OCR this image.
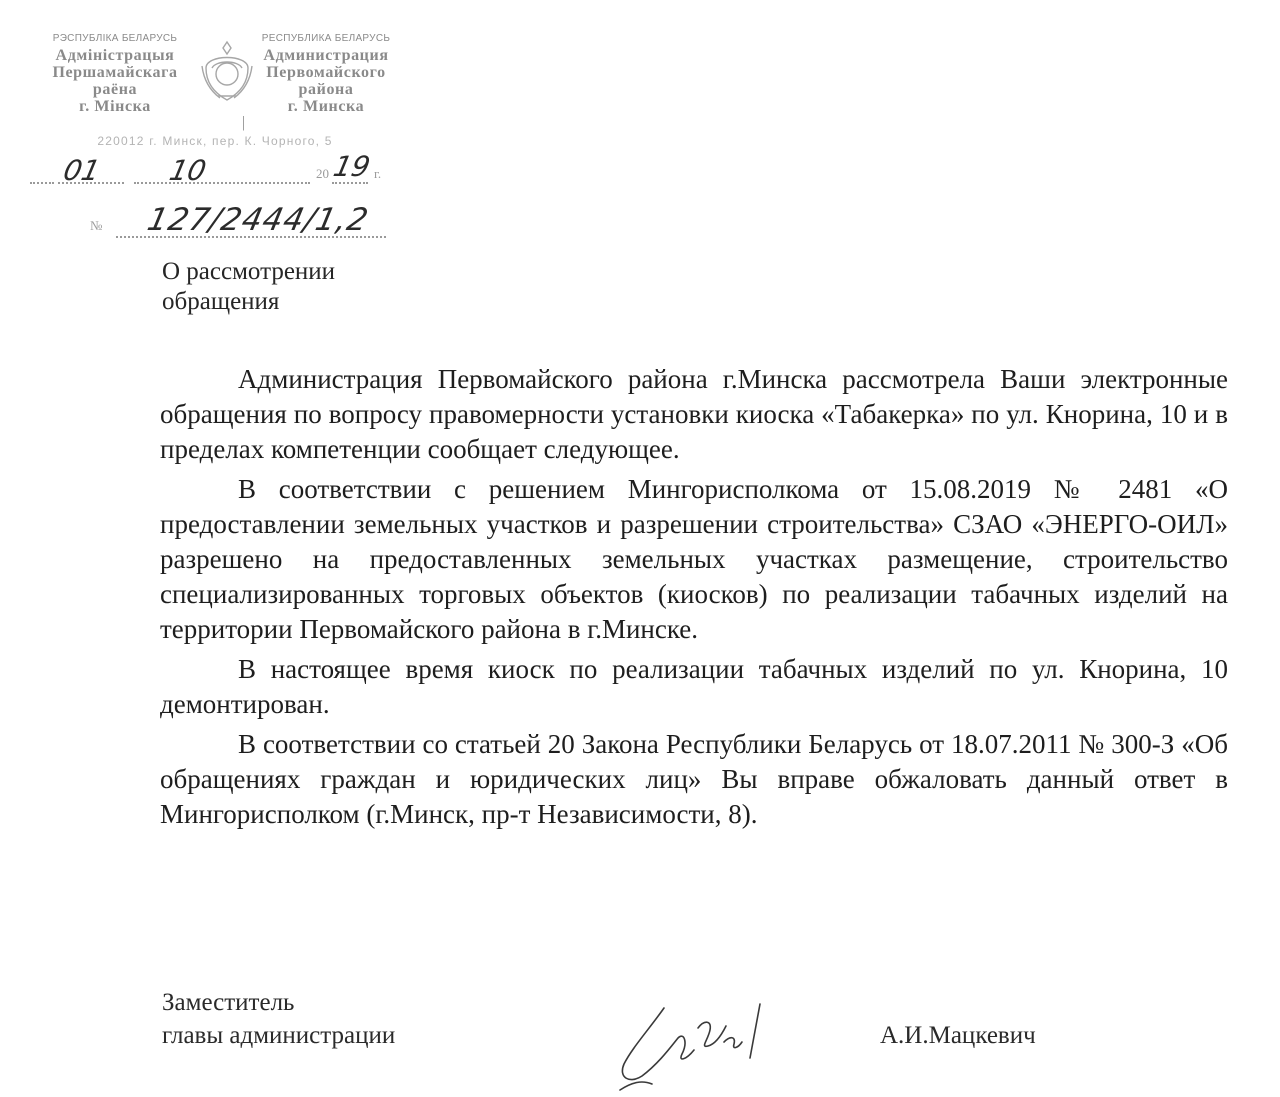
РЭСПУБЛІКА БЕЛАРУСЬ
Адміністрацыя
Першамайскага
раёна
г. Мінска
РЕСПУБЛИКА БЕЛАРУСЬ
Администрация
Первомайского
района
г. Минска
|
220012 г. Минск, пер. К. Чорного, 5
01 10	20 19 г.
№ 127/2444/1,2
О рассмотрении
обращения

Администрация Первомайского района г.Минска рассмотрела Ваши электронные обращения по вопросу правомерности установки киоска «Табакерка» по ул. Кнорина, 10 и в пределах компетенции сообщает следующее.

В соответствии с решением Мингорисполкома от 15.08.2019 № 2481 «О предоставлении земельных участков и разрешении строительства» СЗАО «ЭНЕРГО-ОИЛ» разрешено на предоставленных земельных участках размещение, строительство специализированных торговых объектов (киосков) по реализации табачных изделий на территории Первомайского района в г.Минске.

В настоящее время киоск по реализации табачных изделий по ул. Кнорина, 10 демонтирован.

В соответствии со статьей 20 Закона Республики Беларусь от 18.07.2011 № 300-З «Об обращениях граждан и юридических лиц» Вы вправе обжаловать данный ответ в Мингорисполком (г.Минск, пр-т Независимости, 8).

Заместитель
главы администрации	А.И.Мацкевич
